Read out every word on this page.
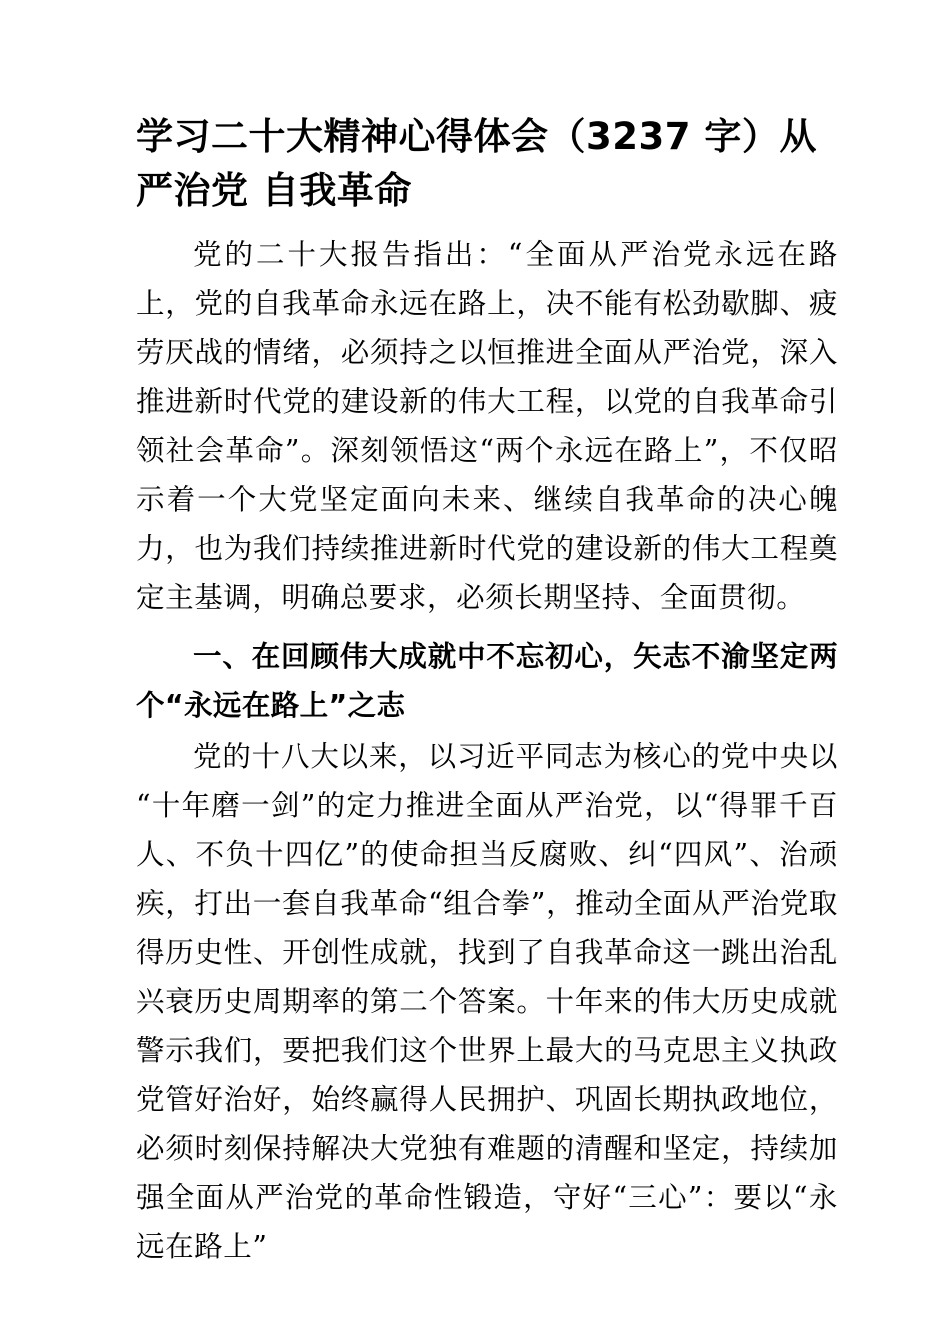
学习二十大精神心得体会（3237 字）从严治党 自我革命

党的二十大报告指出：“全面从严治党永远在路上，党的自我革命永远在路上，决不能有松劲歇脚、疲劳厌战的情绪，必须持之以恒推进全面从严治党，深入推进新时代党的建设新的伟大工程，以党的自我革命引领社会革命”。深刻领悟这“两个永远在路上”，不仅昭示着一个大党坚定面向未来、继续自我革命的决心魄力，也为我们持续推进新时代党的建设新的伟大工程奠定主基调，明确总要求，必须长期坚持、全面贯彻。

一、在回顾伟大成就中不忘初心，矢志不渝坚定两个“永远在路上”之志

党的十八大以来，以习近平同志为核心的党中央以“十年磨一剑”的定力推进全面从严治党，以“得罪千百人、不负十四亿”的使命担当反腐败、纠“四风”、治顽疾，打出一套自我革命“组合拳”，推动全面从严治党取得历史性、开创性成就，找到了自我革命这一跳出治乱兴衰历史周期率的第二个答案。十年来的伟大历史成就警示我们，要把我们这个世界上最大的马克思主义执政党管好治好，始终赢得人民拥护、巩固长期执政地位，必须时刻保持解决大党独有难题的清醒和坚定，持续加强全面从严治党的革命性锻造，守好“三心”：要以“永远在路上”
